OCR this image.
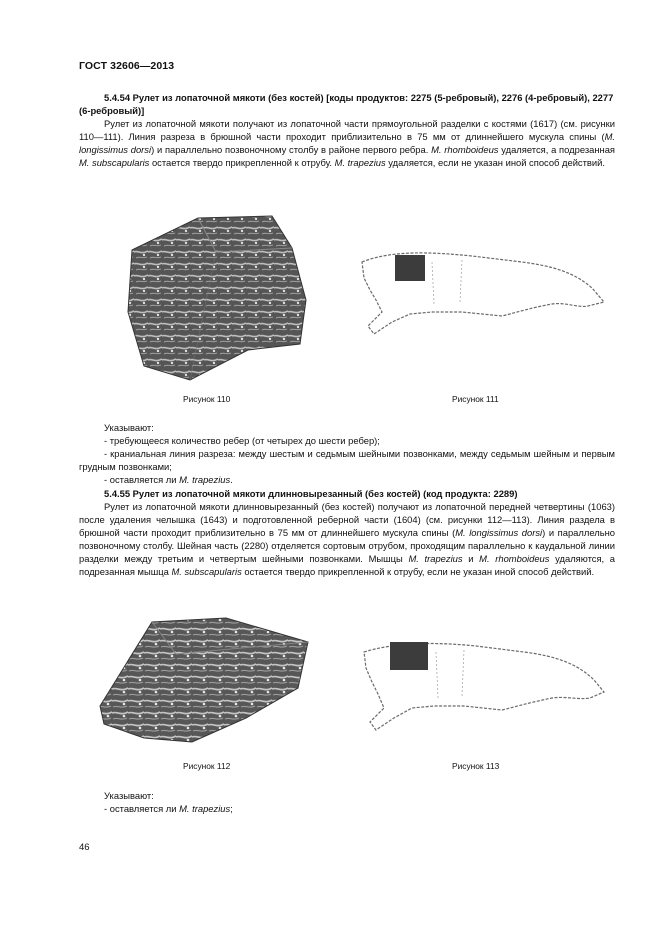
ГОСТ 32606—2013
5.4.54 Рулет из лопаточной мякоти (без костей) [коды продуктов: 2275 (5-ребровый), 2276 (4-ребровый), 2277 (6-ребровый)]
Рулет из лопаточной мякоти получают из лопаточной части прямоугольной разделки с костями (1617) (см. рисунки 110—111). Линия разреза в брюшной части проходит приблизительно в 75 мм от длиннейшего мускула спины (M. longissimus dorsi) и параллельно позвоночному столбу в районе первого ребра. M. rhomboideus удаляется, а подрезанная M. subscapularis остается твердо прикрепленной к отрубу. M. trapezius удаляется, если не указан иной способ действий.
Рисунок 110	Рисунок 111
Указывают:
- требующееся количество ребер (от четырех до шести ребер);
- краниальная линия разреза: между шестым и седьмым шейными позвонками, между седьмым шейным и первым грудным позвонками;
- оставляется ли M. trapezius.
5.4.55 Рулет из лопаточной мякоти длинновырезанный (без костей) (код продукта: 2289)
Рулет из лопаточной мякоти длинновырезанный (без костей) получают из лопаточной передней четвертины (1063) после удаления челышка (1643) и подготовленной реберной части (1604) (см. рисунки 112—113). Линия раздела в брюшной части проходит приблизительно в 75 мм от длиннейшего мускула спины (M. longissimus dorsi) и параллельно позвоночному столбу. Шейная часть (2280) отделяется сортовым отрубом, проходящим параллельно к каудальной линии разделки между третьим и четвертым шейными позвонками. Мышцы M. trapezius и M. rhomboideus удаляются, а подрезанная мышца M. subscapularis остается твердо прикрепленной к отрубу, если не указан иной способ действий.
Рисунок 112	Рисунок 113
Указывают:
- оставляется ли M. trapezius;
46
